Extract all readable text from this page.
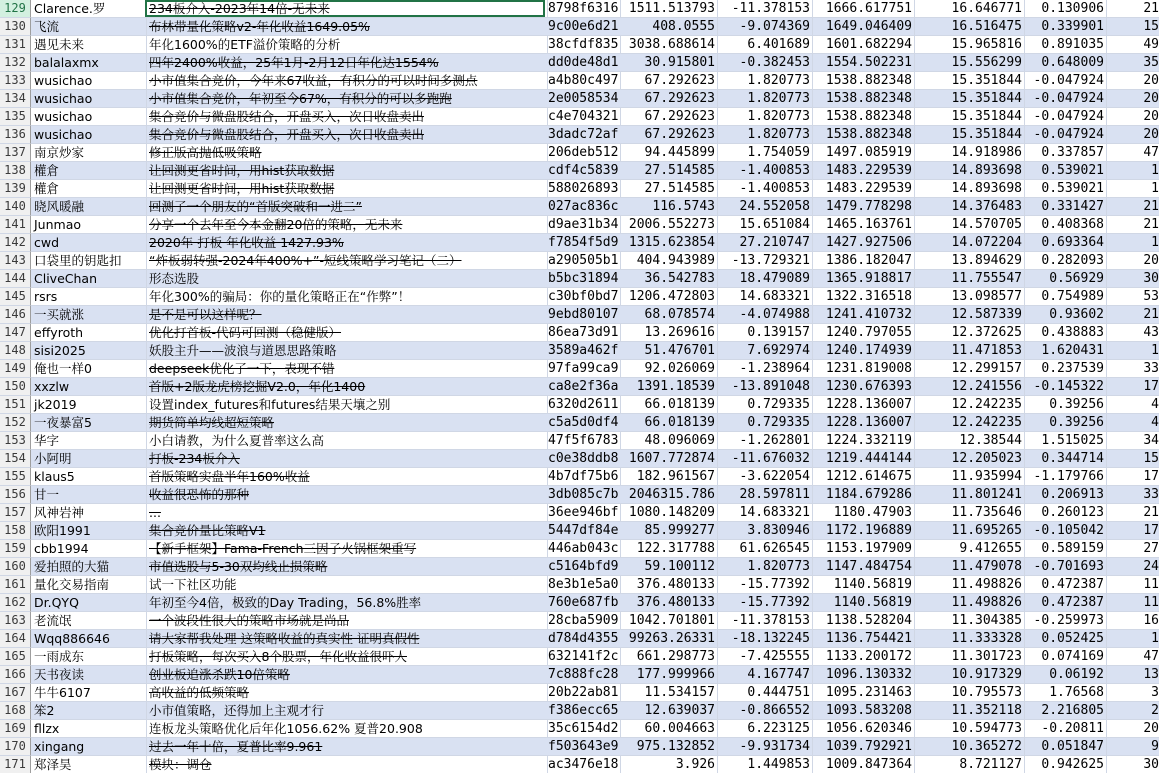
129 Clarence.罗	234板介入-2023年14倍-无未来	8798f6316 1511.513793	-11.378153	1666.617751	16.646771	0.130906	21
130 飞流	布林带量化策略v2-年化收益1649.05%	9c00e6d21	408.0555	-9.074369	1649.046409	16.516475	0.339901	15
131 遇见未来	年化1600%的ETF溢价策略的分析	38cfdf835 3038.688614	6.401689	1601.682294	15.965816	0.891035	49
132 balalaxmx	四年2400%收益，25年1月-2月12日年化达1554%	dd0de48d1	30.915801	-0.382453	1554.502231	15.556299	0.648009	35
133 wusichao	小市值集合竞价，今年来67收益，有积分的可以时间多测点	a4b80c497	67.292623	1.820773	1538.882348	15.351844 -0.047924	20
134 wusichao	小市值集合竞价，年初至今67%，有积分的可以多跑跑	2e0058534	67.292623	1.820773	1538.882348	15.351844 -0.047924	20
135 wusichao	集合竞价与微盘股结合，开盘买入，次日收盘卖出	c4e704321	67.292623	1.820773	1538.882348	15.351844 -0.047924	20
136 wusichao	集合竞价与微盘股结合，开盘买入，次日收盘卖出	3dadc72af	67.292623	1.820773	1538.882348	15.351844 -0.047924	20
137 南京炒家	修正版高抛低吸策略	206deb512	94.445899	1.754059	1497.085919	14.918986	0.337857	47
138 權倉	让回测更省时间，用hist获取数据	cdf4c5839	27.514585	-1.400853	1483.229539	14.893698	0.539021	1
139 權倉	让回测更省时间，用hist获取数据	588026893	27.514585	-1.400853	1483.229539	14.893698	0.539021	1
140 晓风暖融	回测了一个朋友的“首版突破和一进二”	027ac836c	116.5743	24.552058	1479.778298	14.376483	0.331427	21
141 Junmao	分享一个去年至今本金翻20倍的策略，无未来	d9ae31b34 2006.552273	15.651084	1465.163761	14.570705	0.408368	21
142 cwd	2020年 打板 年化收益 1427.93%	f7854f5d9 1315.623854	27.210747	1427.927506	14.072204	0.693364	1
143 口袋里的钥匙扣	“炸板弱转强-2024年400%+”-短线策略学习笔记（二）	a290505b1	404.943989	-13.729321	1386.182047	13.894629	0.282093	20
144 CliveChan	形态选股	b5bc31894	36.542783	18.479089	1365.918817	11.755547	0.56929	30
145 rsrs	年化300%的骗局：你的量化策略正在“作弊”！	c30bf0bd7 1206.472803	14.683321	1322.316518	13.098577	0.754989	53
146 一买就涨	是不是可以这样呢？	9ebd80107	68.078574	-4.074988	1241.410732	12.587339	0.93602	21
147 effyroth	优化打首板-代码可回测（稳健版）	86ea73d91	13.269616	0.139157	1240.797055	12.372625	0.438883	43
148 sisi2025	妖股主升——波浪与道恩思路策略	3589a462f	51.476701	7.692974	1240.174939	11.471853	1.620431	1
149 俺也一样0	deepseek优化了一下，表现不错	97fa99ca9	92.026069	-1.238964	1231.819008	12.299157	0.237539	33
150 xxzlw	首版+2版龙虎榜挖掘V2.0，年化1400	ca8e2f36a	1391.18539	-13.891048	1230.676393	12.241556 -0.145322	17
151 jk2019	设置index_futures和futures结果天壤之别	6320d2611	66.018139	0.729335	1228.136007	12.242235	0.39256	4
152 一夜暴富5	期货简单均线超短策略	c5a5d0df4	66.018139	0.729335	1228.136007	12.242235	0.39256	4
153 华字	小白请教，为什么夏普率这么高	47f5f6783	48.096069	-1.262801	1224.332119	12.38544	1.515025	34
154 小阿明	打板-234板介入	c0e38ddb8 1607.772874	-11.676032	1219.444144	12.205023	0.344714	15
155 klaus5	首版策略实盘半年160%收益	4b7df75b6	182.961567	-3.622054	1212.614675	11.935994 -1.179766	17
156 甘一	收益很恐怖的那种	3db085c7b 2046315.786	28.597811	1184.679286	11.801241	0.206913	33
157 风神岩神	...	36ee946bf 1080.148209	14.683321	1180.47903	11.735646	0.260123	21
158 欧阳1991	集合竞价量比策略V1	5447df84e	85.999277	3.830946	1172.196889	11.695265 -0.105042	17
159 cbb1994	【新手框架】Fama-French三因子火锅框架重写	446ab043c	122.317788	61.626545	1153.197909	9.412655	0.589159	27
160 爱拍照的大猫	市值选股与5-30双均线止损策略	c5164bfd9	59.100112	1.820773	1147.484754	11.479078 -0.701693	24
161 量化交易指南	试一下社区功能	8e3b1e5a0	376.480133	-15.77392	1140.56819	11.498826	0.472387	11
162 Dr.QYQ	年初至今4倍，极致的Day Trading，56.8%胜率	760e687fb	376.480133	-15.77392	1140.56819	11.498826	0.472387	11
163 老流氓	一个波段性很大的策略市场就是尚品	28cba5909 1042.701801	-11.378153	1138.528204	11.304385 -0.259973	16
164 Wqq886646	请大家帮我处理 这策略收益的真实性 证明真假性	d784d4355 99263.26331	-18.132245	1136.754421	11.333328	0.052425	1
165 一雨成东	打板策略，每次买入8个股票，年化收益很吓人	632141f2c	661.298773	-7.425555	1133.200172	11.301723	0.074169	47
166 天书夜读	创业板追涨杀跌10倍策略	7c888fc28	177.999966	4.167747	1096.130332	10.917329	0.06192	13
167 牛牛6107	高收益的低频策略	20b22ab81	11.534157	0.444751	1095.231463	10.795573	1.76568	3
168 笨2	小市值策略，还得加上主观才行	f386ecc65	12.639037	-0.866552	1093.583208	11.352118	2.216805	2
169 fllzx	连板龙头策略优化后年化1056.62% 夏普20.908	35c6154d2	60.004663	6.223125	1056.620346	10.594773	-0.20811	20
170 xingang	过去一年十倍，夏普比率9.961	f503643e9	975.132852	-9.931734	1039.792921	10.365272	0.051847	9
171 郑泽昊	模块：调仓	ac3476e18	3.926	1.449853	1009.847364	8.721127	0.942625	30
